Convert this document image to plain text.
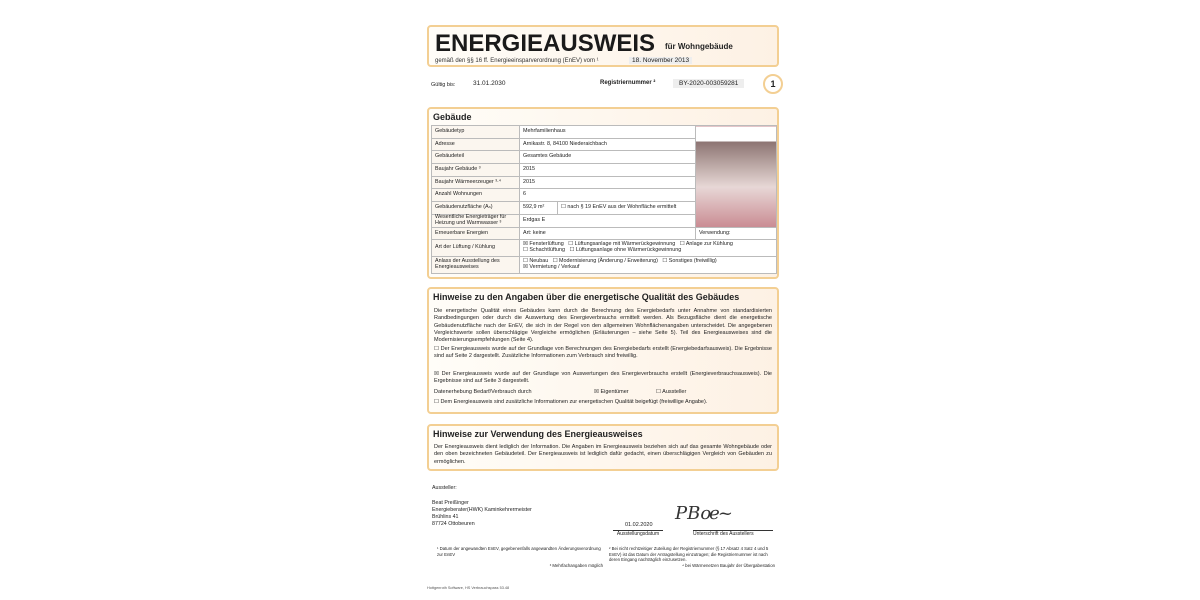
ENERGIEAUSWEIS für Wohngebäude
gemäß den §§ 16 ff. Energieeinsparverordnung (EnEV) vom ¹	18. November 2013
Gültig bis:	31.01.2030	Registriernummer ²	BY-2020-003059281	1
Gebäude
Gebäudetyp	Mehrfamilienhaus		
Adresse	Arnikastr. 8, 84100 Niederaichbach		
Gebäudeteil	Gesamtes Gebäude		
Baujahr Gebäude ³	2015		
Baujahr Wärmeerzeuger ³·⁴	2015		
Anzahl Wohnungen	6		
Gebäudenutzfläche (Aₙ)	592,9 m²	☐ nach § 19 EnEV aus der Wohnfläche ermittelt	
Wesentliche Energieträger für Heizung und Warmwasser ³	Erdgas E		
Erneuerbare Energien	Art: keine		Verwendung:
Art der Lüftung / Kühlung	☒ Fensterlüftung   ☐ Lüftungsanlage mit Wärmerückgewinnung   ☐ Anlage zur Kühlung
☐ Schachtlüftung   ☐ Lüftungsanlage ohne Wärmerückgewinnung		
Anlass der Ausstellung des Energieausweises	☐ Neubau   ☐ Modernisierung (Änderung / Erweiterung)   ☐ Sonstiges (freiwillig)
☒ Vermietung / Verkauf		
Hinweise zu den Angaben über die energetische Qualität des Gebäudes
Die energetische Qualität eines Gebäudes kann durch die Berechnung des Energiebedarfs unter Annahme von standardisierten Randbedingungen oder durch die Auswertung des Energieverbrauchs ermittelt werden. Als Bezugsfläche dient die energetische Gebäudenutzfläche nach der EnEV, die sich in der Regel von den allgemeinen Wohnflächenangaben unterscheidet. Die angegebenen Vergleichswerte sollen überschlägige Vergleiche ermöglichen (Erläuterungen – siehe Seite 5). Teil des Energieausweises sind die Modernisierungsempfehlungen (Seite 4).
☐ Der Energieausweis wurde auf der Grundlage von Berechnungen des Energiebedarfs erstellt (Energiebedarfsausweis). Die Ergebnisse sind auf Seite 2 dargestellt. Zusätzliche Informationen zum Verbrauch sind freiwillig.
☒ Der Energieausweis wurde auf der Grundlage von Auswertungen des Energieverbrauchs erstellt (Energieverbrauchsausweis). Die Ergebnisse sind auf Seite 3 dargestellt.
Datenerhebung Bedarf/Verbrauch durch	☒ Eigentümer	☐ Aussteller
☐ Dem Energieausweis sind zusätzliche Informationen zur energetischen Qualität beigefügt (freiwillige Angabe).
Hinweise zur Verwendung des Energieausweises
Der Energieausweis dient lediglich der Information. Die Angaben im Energieausweis beziehen sich auf das gesamte Wohngebäude oder den oben bezeichneten Gebäudeteil. Der Energieausweis ist lediglich dafür gedacht, einen überschlägigen Vergleich von Gebäuden zu ermöglichen.
Aussteller:
Beat Preißinger
Energieberater(HWK) Kaminkehrermeister
Brühlins 41
87724 Ottobeuren	01.02.2020
Ausstellungsdatum
PBoe~
Unterschrift des Ausstellers
¹ Datum der angewandten EnEV, gegebenenfalls angewandten Änderungsverordnung zur EnEV
² Bei nicht rechtzeitiger Zuteilung der Registriernummer (§ 17 Absatz 4 Satz 4 und 5 EnEV) ist das Datum der Antragstellung einzutragen; die Registriernummer ist nach deren Eingang nachträglich einzusetzen.
³ Mehrfachangaben möglich	⁴ bei Wärmenetzen Baujahr der Übergabestation
Hottgenroth Software, HS Verbrauchspass 53.48
